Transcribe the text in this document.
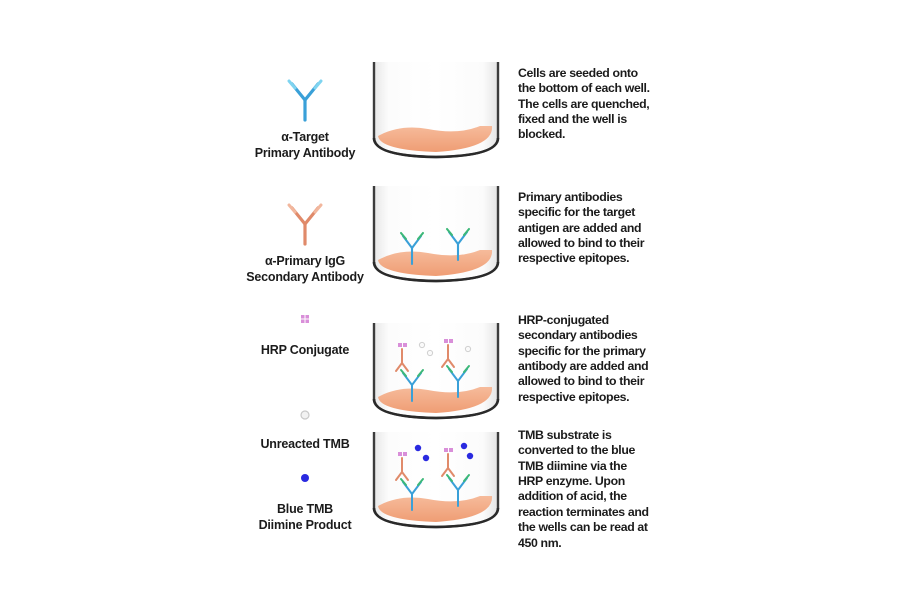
α-Target
Primary Antibody

Cells are seeded onto

the bottom of each well.

The cells are quenched,

fixed and the well is

blocked.

α-Primary IgG
Secondary Antibody

Primary antibodies

specific for the target

antigen are added and

allowed to bind to their

respective epitopes.

HRP Conjugate
Unreacted TMB

HRP-conjugated

secondary antibodies

specific for the primary

antibody are added and

allowed to bind to their

respective epitopes.

Blue TMB
Diimine Product

TMB substrate is

converted to the blue

TMB diimine via the

HRP enzyme. Upon

addition of acid, the

reaction terminates and

the wells can be read at

450 nm.
